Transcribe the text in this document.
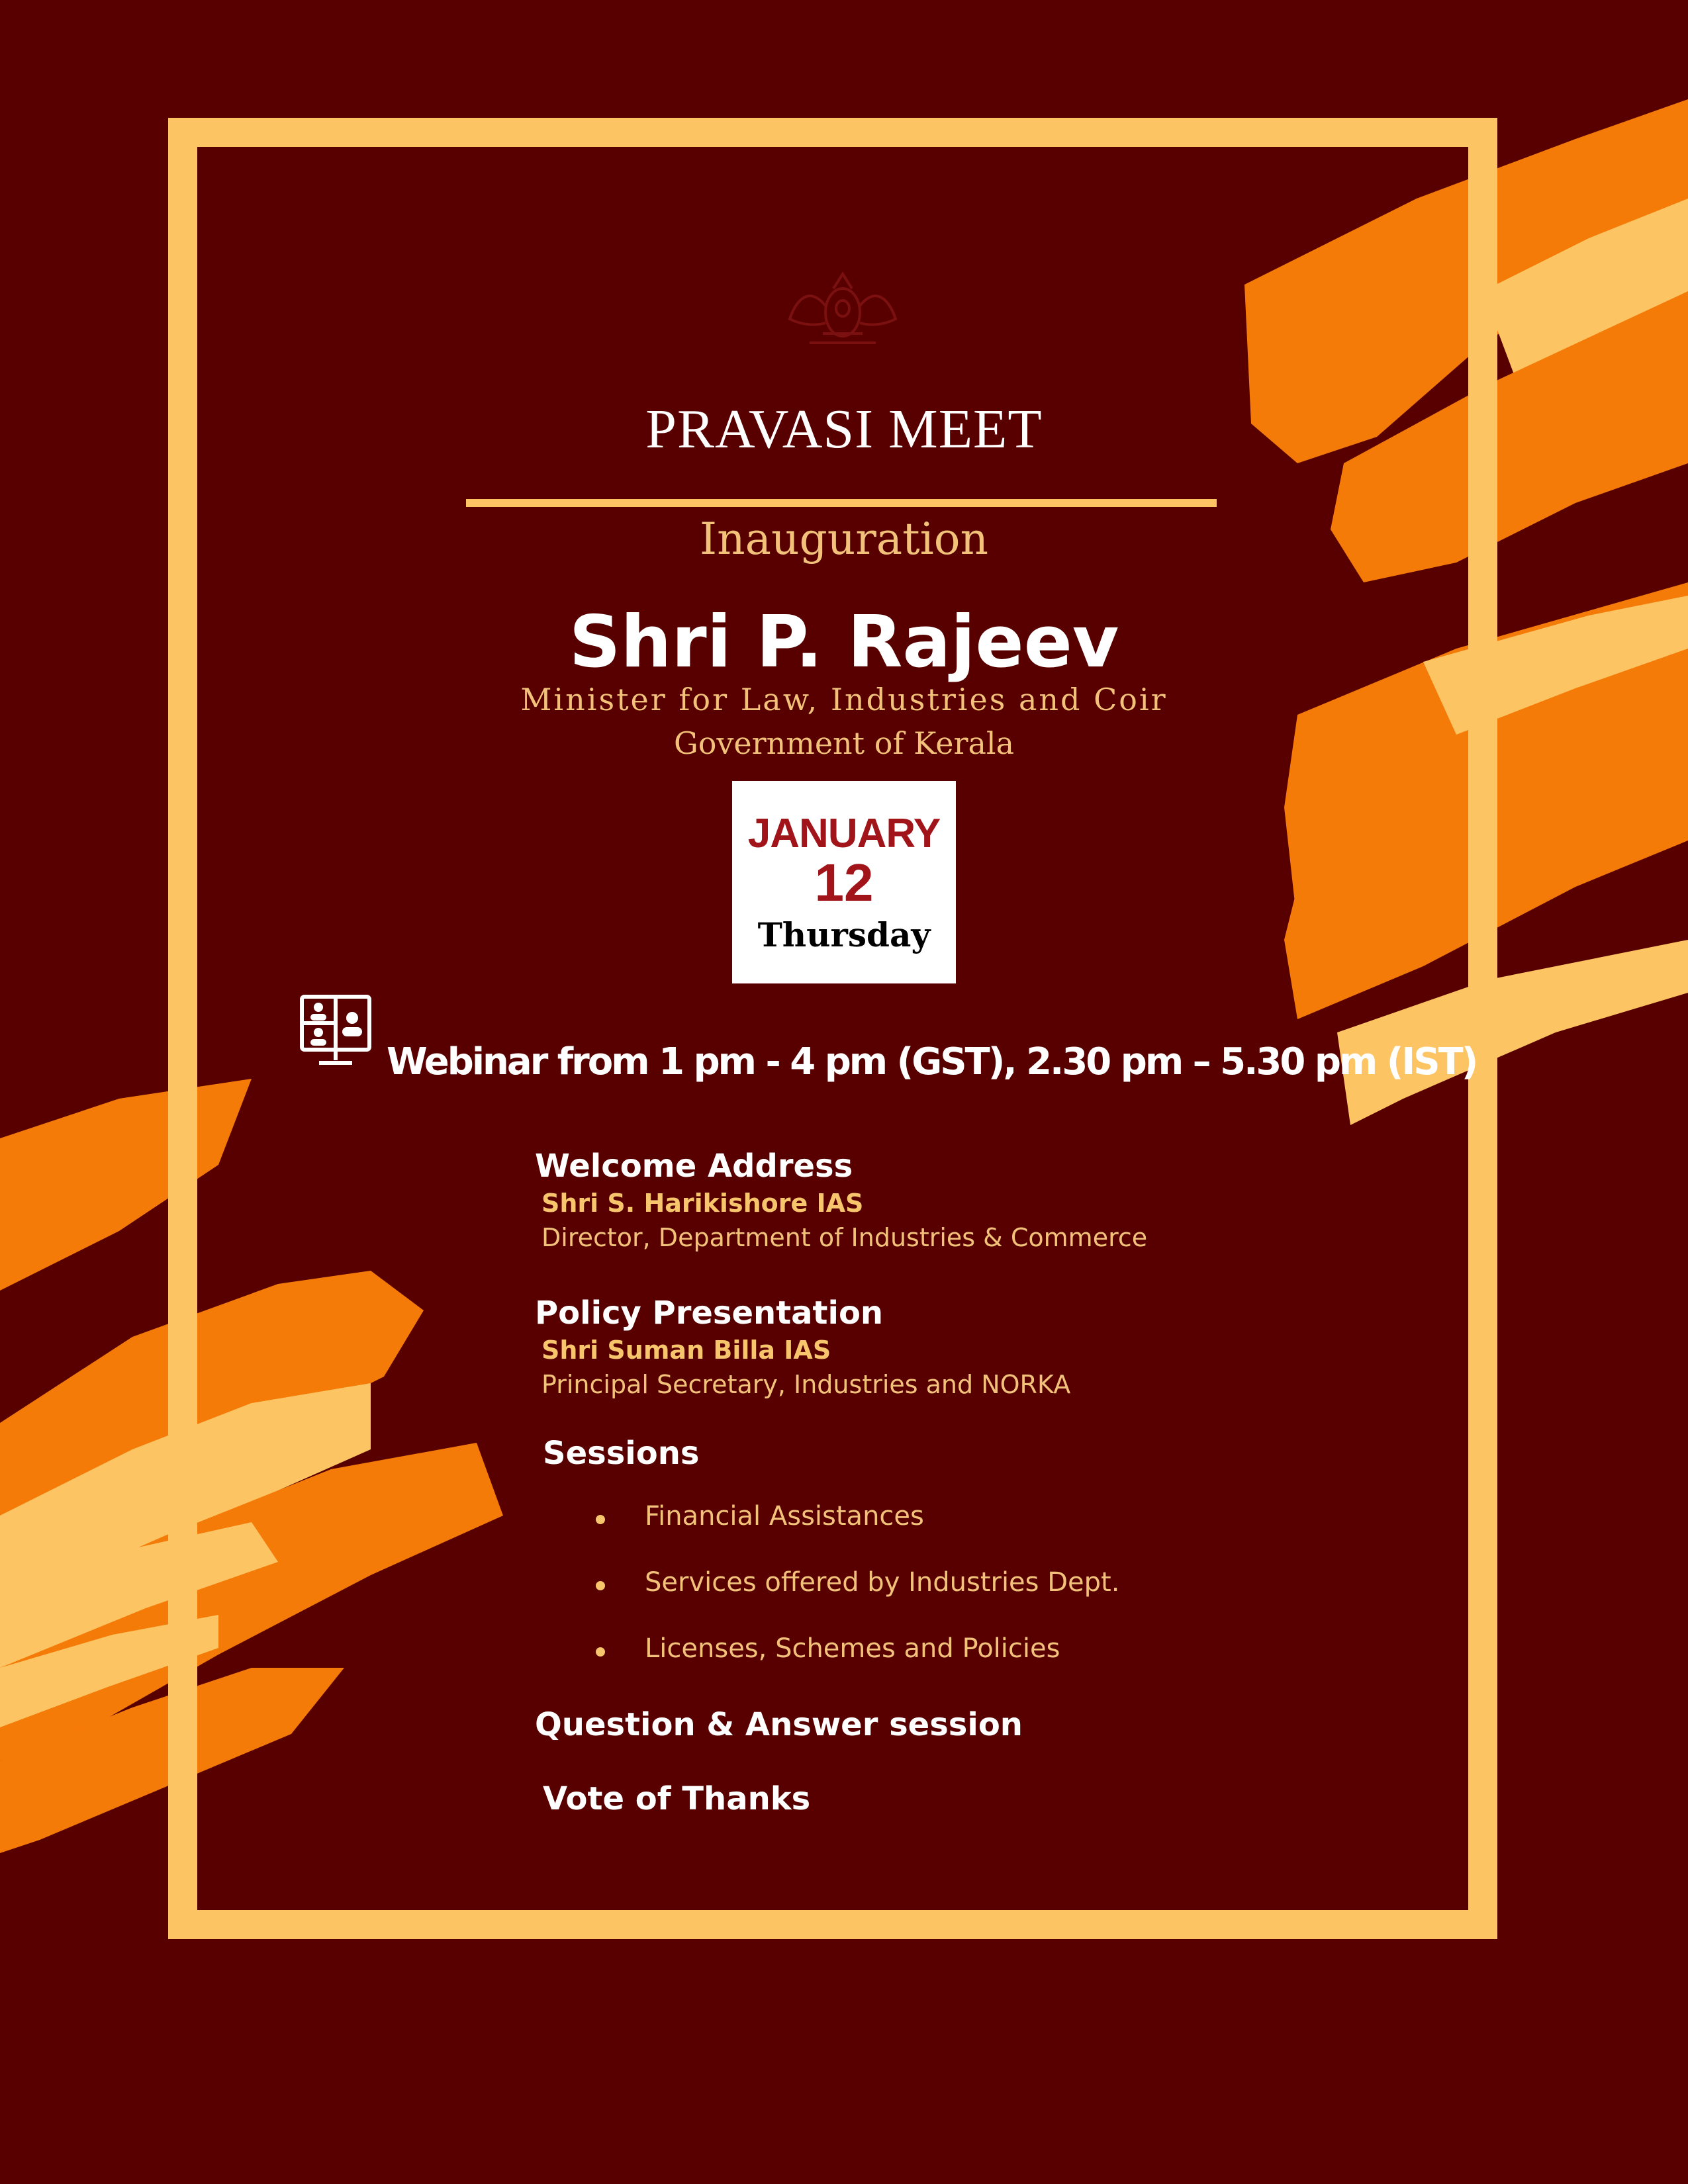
PRAVASI MEET
Inauguration
Shri P. Rajeev
Minister for Law, Industries and Coir
Government of Kerala
JANUARY
12
Thursday
Webinar from 1 pm - 4 pm (GST), 2.30 pm – 5.30 pm (IST)
Welcome Address
Shri S. Harikishore IAS
Director, Department of Industries & Commerce
Policy Presentation
Shri Suman Billa IAS
Principal Secretary, Industries and NORKA
Sessions
Financial Assistances
Services offered by Industries Dept.
Licenses, Schemes and Policies
Question & Answer session
Vote of Thanks
